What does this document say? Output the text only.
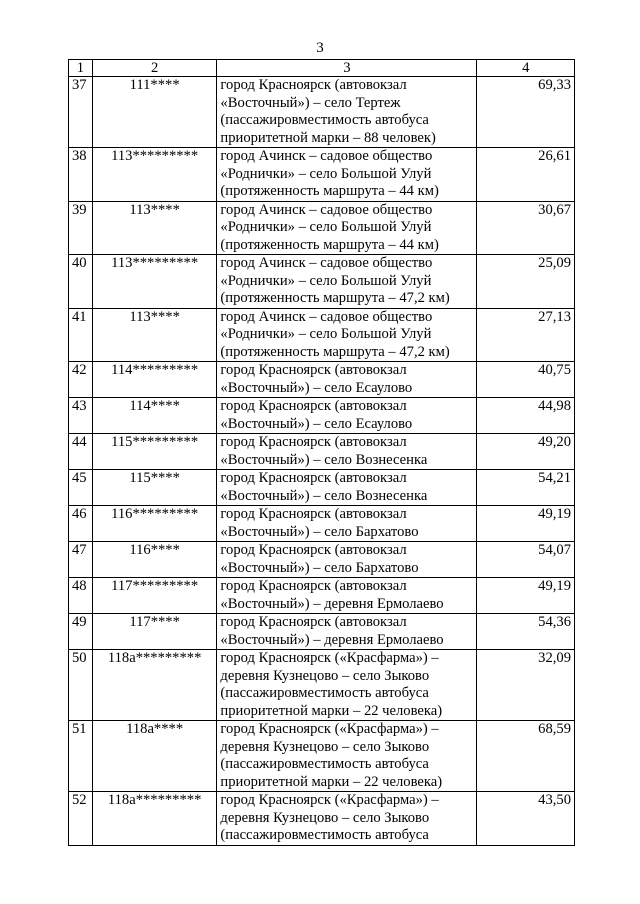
3
1	2	3	4
37	111****	город Красноярск (автовокзал
«Восточный») – село Тертеж
(пассажировместимость автобуса
приоритетной марки – 88 человек)	69,33
38	113*********	город Ачинск – садовое общество
«Роднички» – село Большой Улуй
(протяженность маршрута – 44 км)	26,61
39	113****	город Ачинск – садовое общество
«Роднички» – село Большой Улуй
(протяженность маршрута – 44 км)	30,67
40	113*********	город Ачинск – садовое общество
«Роднички» – село Большой Улуй
(протяженность маршрута – 47,2 км)	25,09
41	113****	город Ачинск – садовое общество
«Роднички» – село Большой Улуй
(протяженность маршрута – 47,2 км)	27,13
42	114*********	город Красноярск (автовокзал
«Восточный») – село Есаулово	40,75
43	114****	город Красноярск (автовокзал
«Восточный») – село Есаулово	44,98
44	115*********	город Красноярск (автовокзал
«Восточный») – село Вознесенка	49,20
45	115****	город Красноярск (автовокзал
«Восточный») – село Вознесенка	54,21
46	116*********	город Красноярск (автовокзал
«Восточный») – село Бархатово	49,19
47	116****	город Красноярск (автовокзал
«Восточный») – село Бархатово	54,07
48	117*********	город Красноярск (автовокзал
«Восточный») – деревня Ермолаево	49,19
49	117****	город Красноярск (автовокзал
«Восточный») – деревня Ермолаево	54,36
50	118а*********	город Красноярск («Красфарма») –
деревня Кузнецово – село Зыково
(пассажировместимость автобуса
приоритетной марки – 22 человека)	32,09
51	118а****	город Красноярск («Красфарма») –
деревня Кузнецово – село Зыково
(пассажировместимость автобуса
приоритетной марки – 22 человека)	68,59
52	118а*********	город Красноярск («Красфарма») –
деревня Кузнецово – село Зыково
(пассажировместимость автобуса	43,50
